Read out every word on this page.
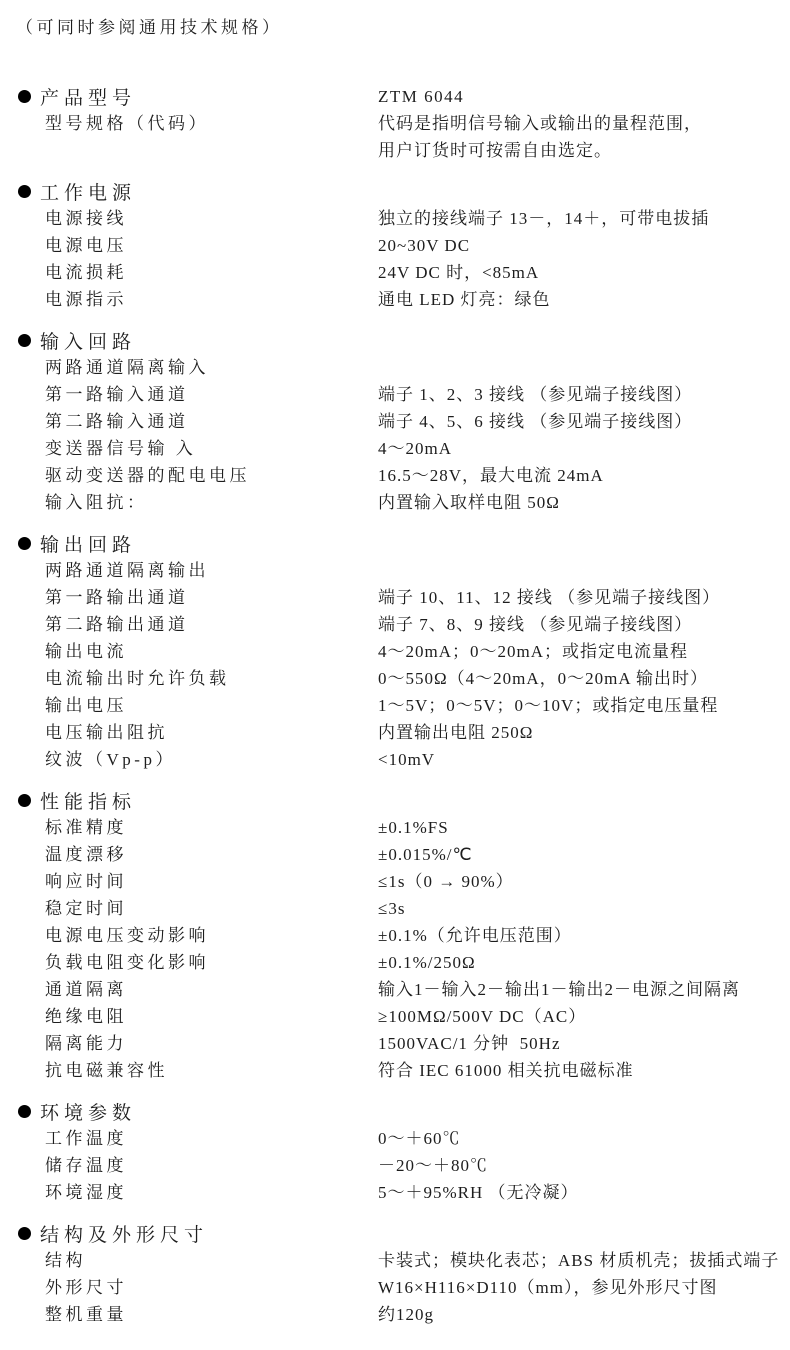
（可同时参阅通用技术规格）
产品型号	ZTM 6044
型号规格（代码）	代码是指明信号输入或输出的量程范围，
用户订货时可按需自由选定。
工作电源
电源接线	独立的接线端子 13－，14＋，可带电拔插
电源电压	20~30V DC
电流损耗	24V DC 时，<85mA
电源指示	通电 LED 灯亮：绿色
输入回路
两路通道隔离输入
第一路输入通道	端子 1、2、3 接线 （参见端子接线图）
第二路输入通道	端子 4、5、6 接线 （参见端子接线图）
变送器信号输 入	4～20mA
驱动变送器的配电电压	16.5～28V，最大电流 24mA
输入阻抗：	内置输入取样电阻 50Ω
输出回路
两路通道隔离输出
第一路输出通道	端子 10、11、12 接线 （参见端子接线图）
第二路输出通道	端子 7、8、9 接线 （参见端子接线图）
输出电流	4～20mA；0～20mA；或指定电流量程
电流输出时允许负载	0～550Ω（4～20mA，0～20mA 输出时）
输出电压	1～5V；0～5V；0～10V；或指定电压量程
电压输出阻抗	内置输出电阻 250Ω
纹波（Vp-p）	<10mV
性能指标
标准精度	±0.1%FS
温度漂移	±0.015%/℃
响应时间	≤1s（0 → 90%）
稳定时间	≤3s
电源电压变动影响	±0.1%（允许电压范围）
负载电阻变化影响	±0.1%/250Ω
通道隔离	输入1－输入2－输出1－输出2－电源之间隔离
绝缘电阻	≥100MΩ/500V DC（AC）
隔离能力	1500VAC/1 分钟  50Hz
抗电磁兼容性	符合 IEC 61000 相关抗电磁标准
环境参数
工作温度	0～＋60℃
储存温度	－20～＋80℃
环境湿度	5～＋95%RH （无冷凝）
结构及外形尺寸
结构	卡装式；模块化表芯；ABS 材质机壳；拔插式端子
外形尺寸	W16×H116×D110（mm），参见外形尺寸图
整机重量	约120g
